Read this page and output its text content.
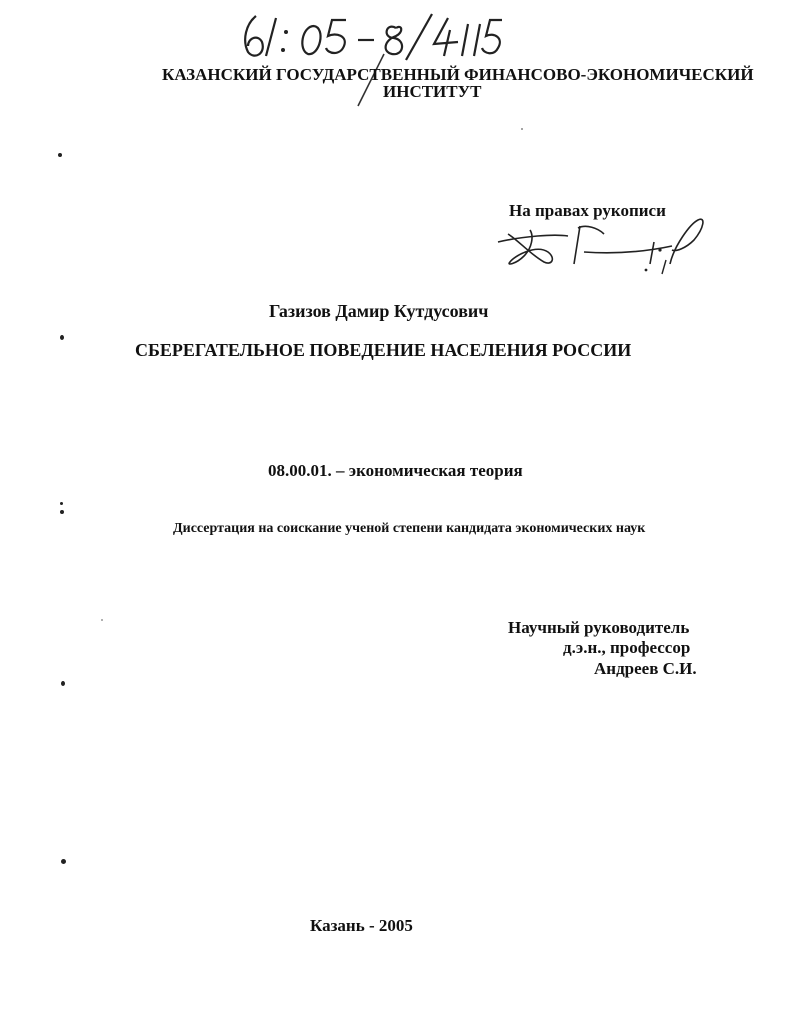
КАЗАНСКИЙ ГОСУДАРСТВЕННЫЙ ФИНАНСОВО-ЭКОНОМИЧЕСКИЙ
ИНСТИТУТ
На правах рукописи
Газизов Дамир Кутдусович
СБЕРЕГАТЕЛЬНОЕ ПОВЕДЕНИЕ НАСЕЛЕНИЯ РОССИИ
08.00.01. – экономическая теория
Диссертация на соискание ученой степени кандидата экономических наук
Научный руководитель
д.э.н., профессор
Андреев С.И.
Казань - 2005
